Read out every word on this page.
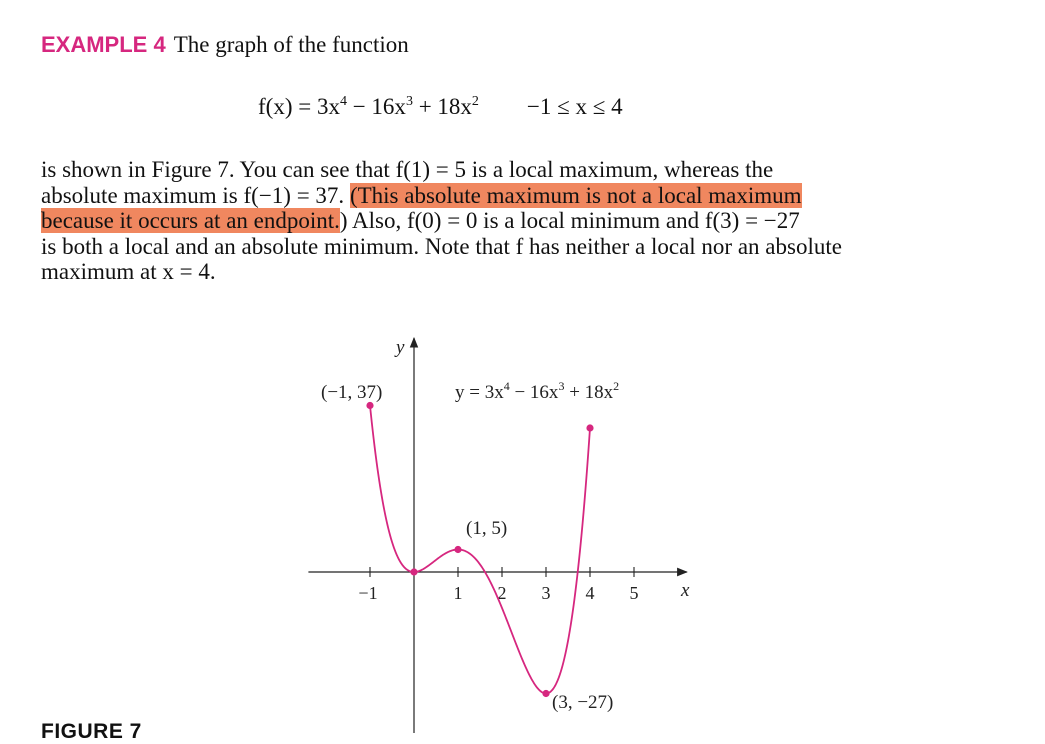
EXAMPLE 4 The graph of the function
$f(x) = 3x^4 - 16x^3 + 18x^2 -1 \le x \le 4$
is shown in Figure 7. You can see that f(1) = 5 is a local maximum, whereas the
absolute maximum is f(−1) = 37. (This absolute maximum is not a local maximum
because it occurs at an endpoint.) Also, f(0) = 0 is a local minimum and f(3) = −27
is both a local and an absolute minimum. Note that f has neither a local nor an absolute
maximum at x = 4.
−1	1 2 3 4 5
y
x
(−1, 37)
(1, 5)
(3, −27)
$y = 3x^4 - 16x^3 + 18x^2$
FIGURE 7
